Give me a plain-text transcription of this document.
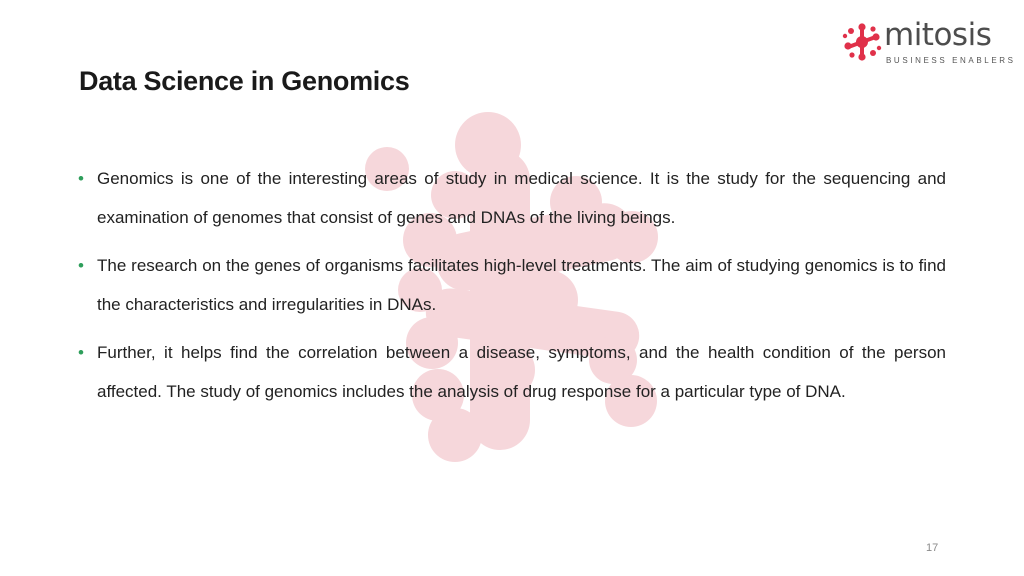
mitosis
BUSINESS ENABLERS
Data Science in Genomics
• Genomics is one of the interesting areas of study in medical science. It is the study for the sequencing and examination of genomes that consist of genes and DNAs of the living beings.
• The research on the genes of organisms facilitates high-level treatments. The aim of studying genomics is to find the characteristics and irregularities in DNAs.
• Further, it helps find the correlation between a disease, symptoms, and the health condition of the person affected. The study of genomics includes the analysis of drug response for a particular type of DNA.
17
